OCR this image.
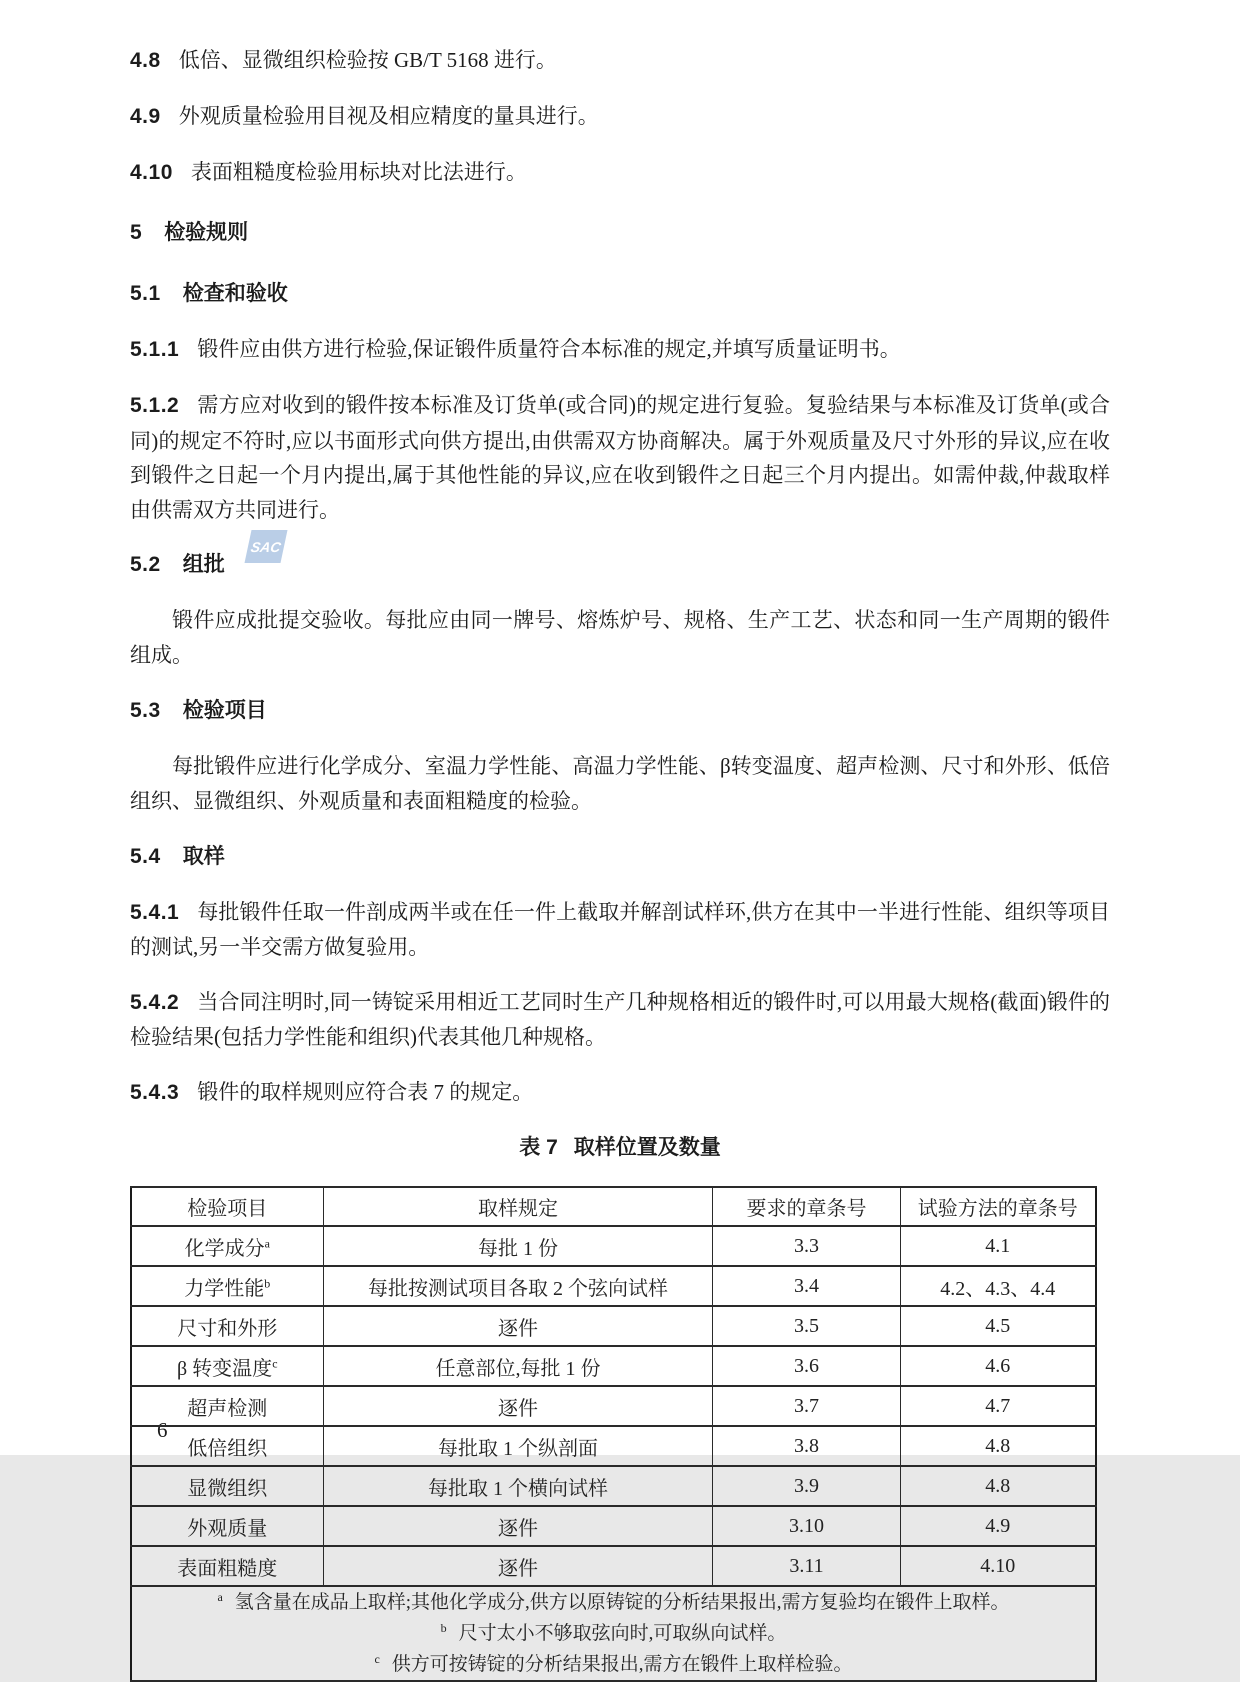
SAC

4.8 低倍、显微组织检验按 GB/T 5168 进行。

4.9 外观质量检验用目视及相应精度的量具进行。

4.10 表面粗糙度检验用标块对比法进行。

5 检验规则

5.1 检查和验收

5.1.1 锻件应由供方进行检验,保证锻件质量符合本标准的规定,并填写质量证明书。

5.1.2 需方应对收到的锻件按本标准及订货单(或合同)的规定进行复验。复验结果与本标准及订货单(或合同)的规定不符时,应以书面形式向供方提出,由供需双方协商解决。属于外观质量及尺寸外形的异议,应在收到锻件之日起一个月内提出,属于其他性能的异议,应在收到锻件之日起三个月内提出。如需仲裁,仲裁取样由供需双方共同进行。

5.2 组批

锻件应成批提交验收。每批应由同一牌号、熔炼炉号、规格、生产工艺、状态和同一生产周期的锻件组成。

5.3 检验项目

每批锻件应进行化学成分、室温力学性能、高温力学性能、β转变温度、超声检测、尺寸和外形、低倍组织、显微组织、外观质量和表面粗糙度的检验。

5.4 取样

5.4.1 每批锻件任取一件剖成两半或在任一件上截取并解剖试样环,供方在其中一半进行性能、组织等项目的测试,另一半交需方做复验用。

5.4.2 当合同注明时,同一铸锭采用相近工艺同时生产几种规格相近的锻件时,可以用最大规格(截面)锻件的检验结果(包括力学性能和组织)代表其他几种规格。

5.4.3 锻件的取样规则应符合表 7 的规定。

表 7 取样位置及数量

检验项目	取样规定	要求的章条号	试验方法的章条号
化学成分$^a$	每批 1 份	3.3	4.1
力学性能$^b$	每批按测试项目各取 2 个弦向试样	3.4	4.2、4.3、4.4
尺寸和外形	逐件	3.5	4.5
β 转变温度$^c$	任意部位,每批 1 份	3.6	4.6
超声检测	逐件	3.7	4.7
低倍组织	每批取 1 个纵剖面	3.8	4.8
显微组织	每批取 1 个横向试样	3.9	4.8
外观质量	逐件	3.10	4.9
表面粗糙度	逐件	3.11	4.10

$^a$ 氢含量在成品上取样;其他化学成分,供方以原铸锭的分析结果报出,需方复验均在锻件上取样。
$^b$ 尺寸太小不够取弦向时,可取纵向试样。
$^c$ 供方可按铸锭的分析结果报出,需方在锻件上取样检验。			
6
